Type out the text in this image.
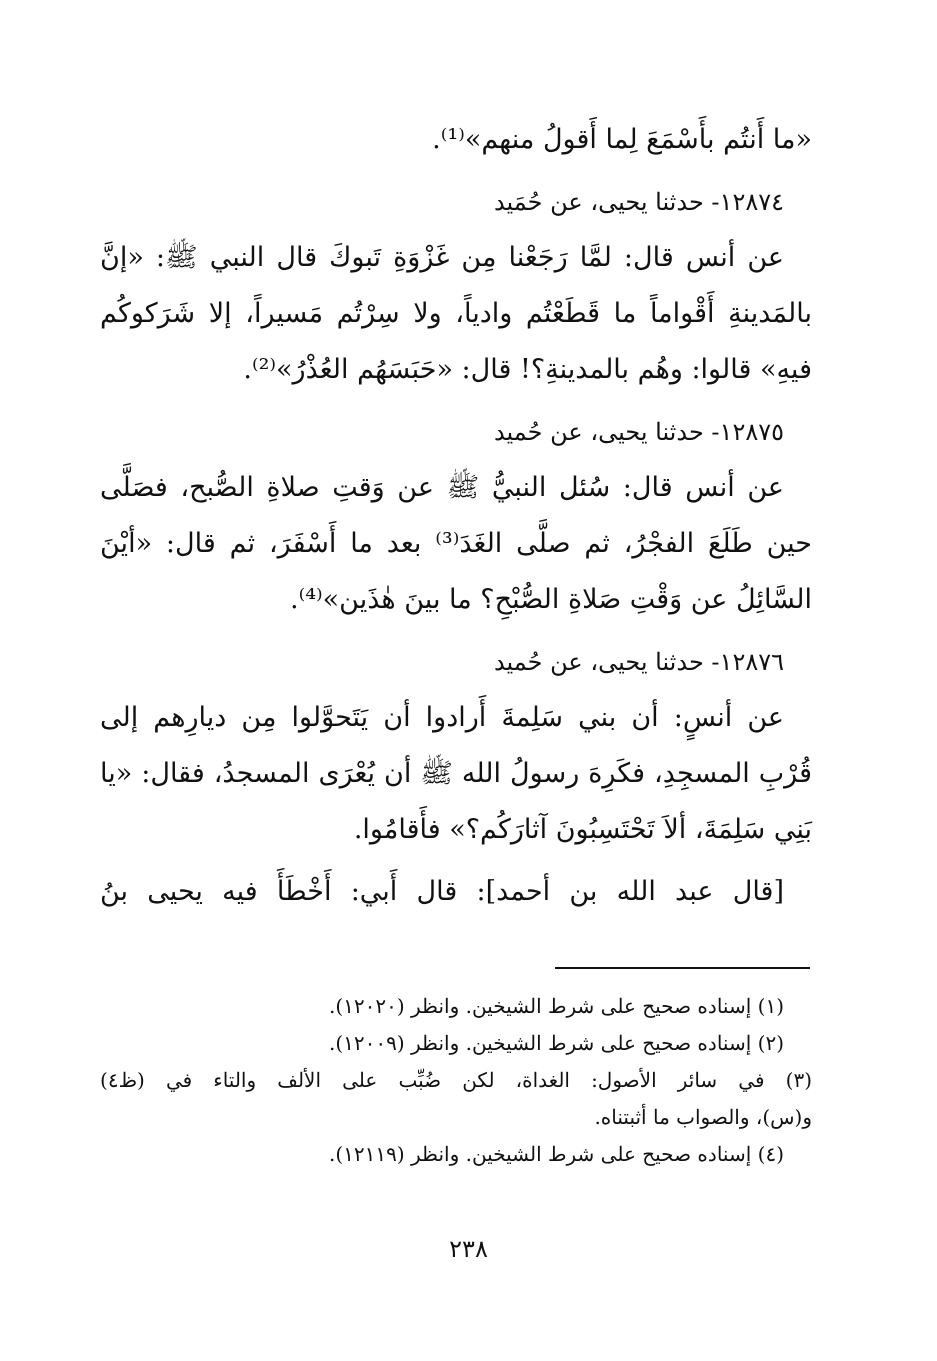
«ما أَنتُم بأَسْمَعَ لِما أَقولُ منهم»⁽¹⁾.
١٢٨٧٤- حدثنا يحيى، عن حُمَيد
عن أنس قال: لمَّا رَجَعْنا مِن غَزْوَةِ تَبوكَ قال النبي ﷺ: «إنَّ
بالمَدينةِ أَقْواماً ما قَطَعْتُم وادياً، ولا سِرْتُم مَسيراً، إلا شَرَكوكُم
فيهِ» قالوا: وهُم بالمدينةِ؟! قال: «حَبَسَهُم العُذْرُ»⁽²⁾.
١٢٨٧٥- حدثنا يحيى، عن حُميد
عن أنس قال: سُئل النبيُّ ﷺ عن وَقتِ صلاةِ الصُّبح، فصَلَّى
حين طَلَعَ الفجْرُ، ثم صلَّى الغَدَ⁽³⁾ بعد ما أَسْفَرَ، ثم قال: «أيْنَ
السَّائِلُ عن وَقْتِ صَلاةِ الصُّبْحِ؟ ما بينَ هٰذَين»⁽⁴⁾.
١٢٨٧٦- حدثنا يحيى، عن حُميد
عن أنسٍ: أن بني سَلِمةَ أَرادوا أن يَتَحوَّلوا مِن ديارِهم إلى
قُرْبِ المسجِدِ، فكَرِهَ رسولُ الله ﷺ أن يُعْرَى المسجدُ، فقال: «يا
بَنِي سَلِمَةَ، ألاَ تَحْتَسِبُونَ آثارَكُم؟» فأَقامُوا.
[قال عبد الله بن أحمد]: قال أَبي: أَخْطَأَ فيه يحيى بنُ
(١) إسناده صحيح على شرط الشيخين. وانظر (١٢٠٢٠).
(٢) إسناده صحيح على شرط الشيخين. وانظر (١٢٠٠٩).
(٣) في سائر الأصول: الغداة، لكن ضُبِّب على الألف والتاء في (ظ٤)
و(س)، والصواب ما أثبتناه.
(٤) إسناده صحيح على شرط الشيخين. وانظر (١٢١١٩).
٢٣٨
